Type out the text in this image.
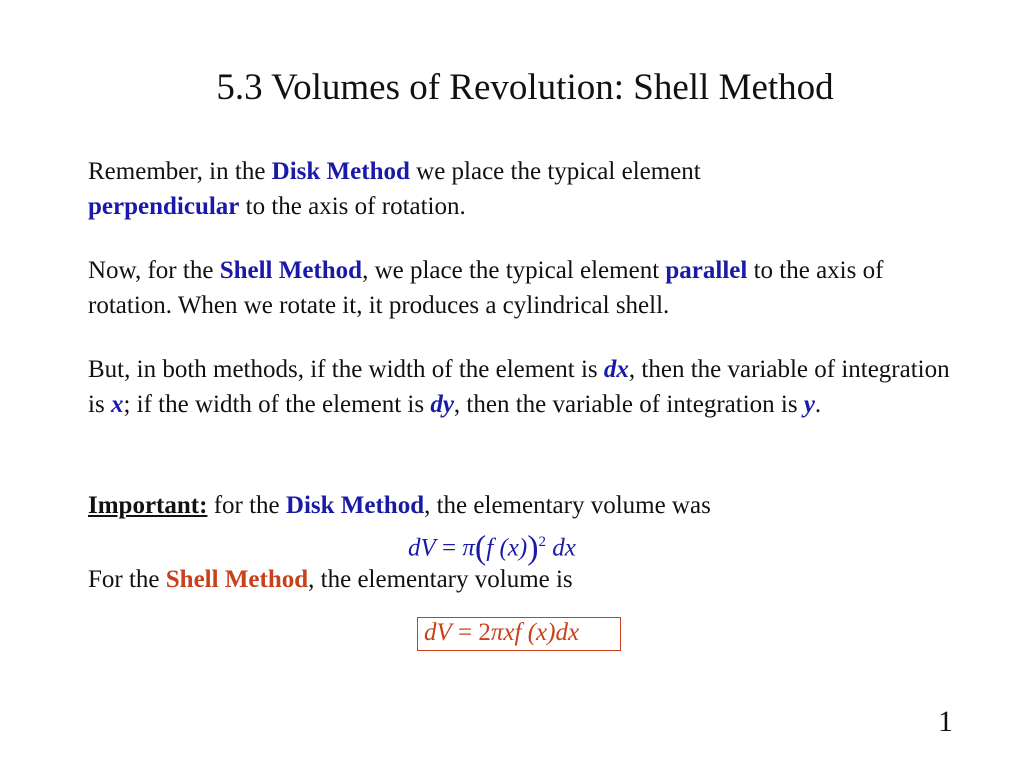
5.3 Volumes of Revolution: Shell Method
Remember, in the Disk Method we place the typical element
perpendicular to the axis of rotation.
Now, for the Shell Method, we place the typical element parallel to the axis of rotation. When we rotate it, it produces a cylindrical shell.
But, in both methods, if the width of the element is dx, then the variable of integration is x; if the width of the element is dy, then the variable of integration is y.
Important: for the Disk Method, the elementary volume was
dV = π(f (x))$^2$ dx
For the Shell Method, the elementary volume is
dV = 2πxf (x)dx
1
